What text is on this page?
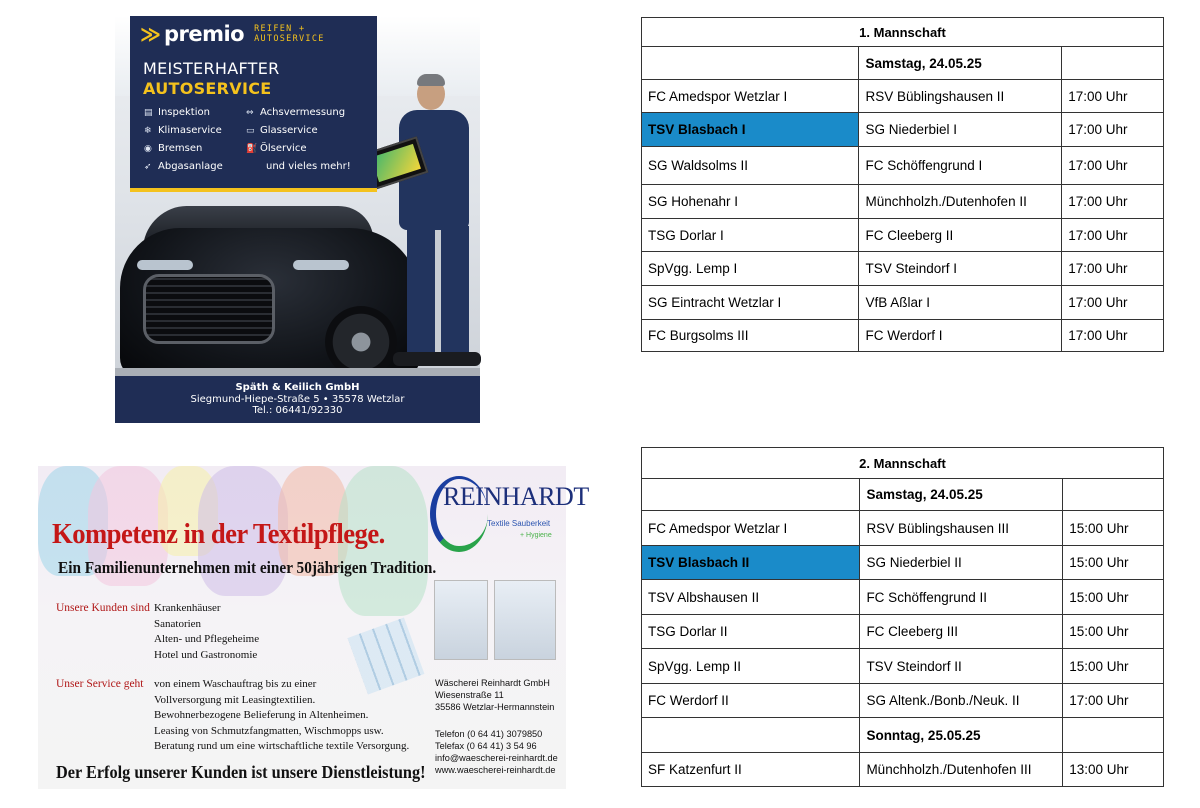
≫ premio REIFEN +
AUTOSERVICE
MEISTERHAFTER
AUTOSERVICE
▤ Inspektion
❄ Klimaservice
◉ Bremsen
➶ Abgasanlage
⇔ Achsvermessung
▭ Glasservice
⛽ Ölservice
und vieles mehr!
Späth & Keilich GmbH
Siegmund-Hiepe-Straße 5 • 35578 Wetzlar
Tel.: 06441/92330
REINHARDT
Textile Sauberkeit
+ Hygiene
Kompetenz in der Textilpflege.
Ein Familienunternehmen mit einer 50jährigen Tradition.
Unsere Kunden sind Krankenhäuser
Sanatorien
Alten- und Pflegeheime
Hotel und Gastronomie
Unser Service geht von einem Waschauftrag bis zu einer
Vollversorgung mit Leasingtextilien.
Bewohnerbezogene Belieferung in Altenheimen.
Leasing von Schmutzfangmatten, Wischmopps usw.
Beratung rund um eine wirtschaftliche textile Versorgung.
Wäscherei Reinhardt GmbH
Wiesenstraße 11
35586 Wetzlar-Hermannstein
Telefon (0 64 41) 3079850
Telefax (0 64 41) 3 54 96
info@waescherei-reinhardt.de
www.waescherei-reinhardt.de
Der Erfolg unserer Kunden ist unsere Dienstleistung!
1. Mannschaft		
	Samstag, 24.05.25	
FC Amedspor Wetzlar I	RSV Büblingshausen II	17:00 Uhr
TSV Blasbach I	SG Niederbiel I	17:00 Uhr
SG Waldsolms II	FC Schöffengrund I	17:00 Uhr
SG Hohenahr I	Münchholzh./Dutenhofen II	17:00 Uhr
TSG Dorlar I	FC Cleeberg II	17:00 Uhr
SpVgg. Lemp I	TSV Steindorf I	17:00 Uhr
SG Eintracht Wetzlar I	VfB Aßlar I	17:00 Uhr
FC Burgsolms III	FC Werdorf I	17:00 Uhr
2. Mannschaft		
	Samstag, 24.05.25	
FC Amedspor Wetzlar I	RSV Büblingshausen III	15:00 Uhr
TSV Blasbach II	SG Niederbiel II	15:00 Uhr
TSV Albshausen II	FC Schöffengrund II	15:00 Uhr
TSG Dorlar II	FC Cleeberg III	15:00 Uhr
SpVgg. Lemp II	TSV Steindorf II	15:00 Uhr
FC Werdorf II	SG Altenk./Bonb./Neuk. II	17:00 Uhr
	Sonntag, 25.05.25	
SF Katzenfurt II	Münchholzh./Dutenhofen III	13:00 Uhr
